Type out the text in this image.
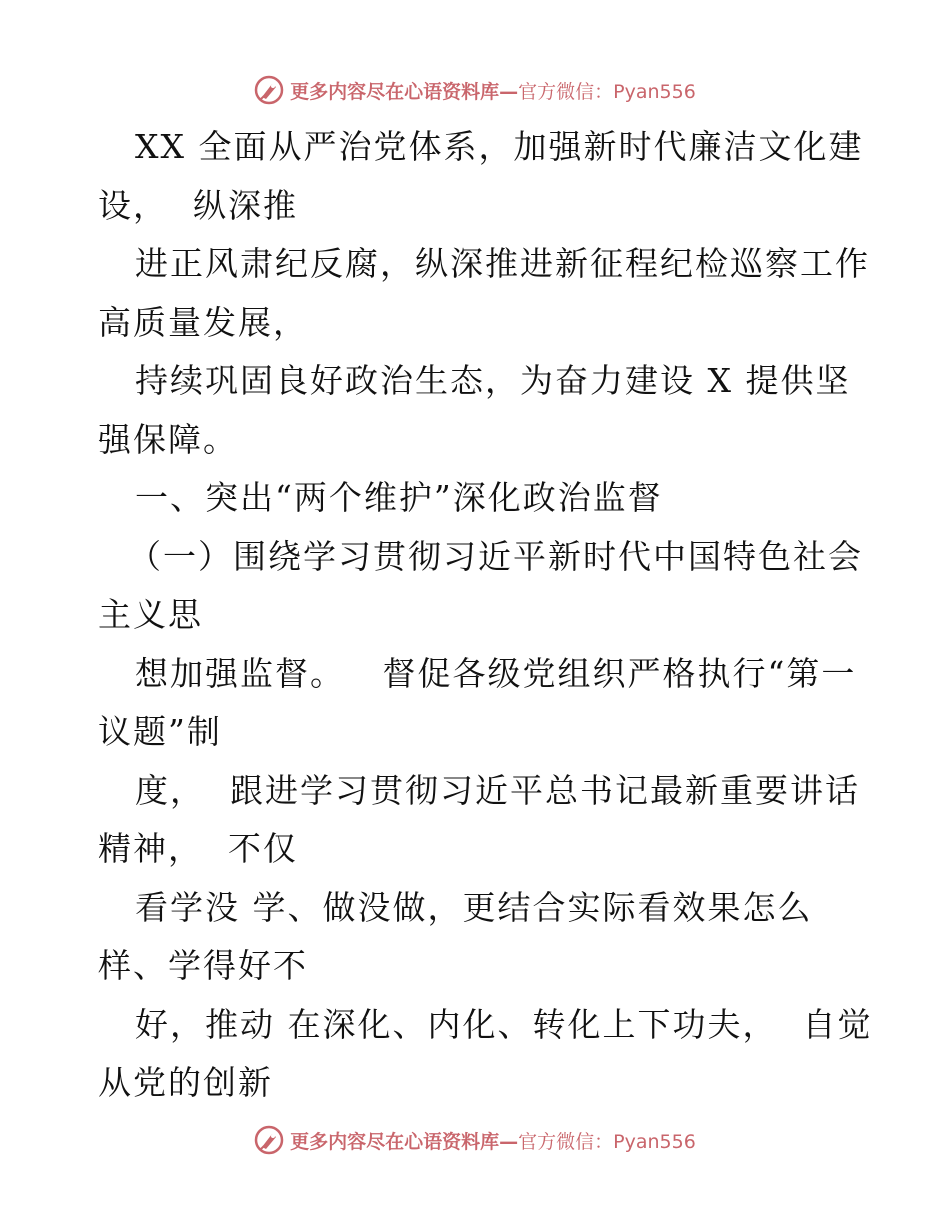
更多内容尽在心语资料库—官方微信：Pyan556
XX 全面从严治党体系，加强新时代廉洁文化建
设，  纵深推
进正风肃纪反腐，纵深推进新征程纪检巡察工作
高质量发展，
持续巩固良好政治生态，为奋力建设 X 提供坚
强保障。
一、突出“两个维护”深化政治监督
（一）围绕学习贯彻习近平新时代中国特色社会
主义思
想加强监督。   督促各级党组织严格执行“第一
议题”制
度，  跟进学习贯彻习近平总书记最新重要讲话
精神，  不仅
看学没 学、做没做，更结合实际看效果怎么
样、学得好不
好，推动 在深化、内化、转化上下功夫，  自觉
从党的创新
更多内容尽在心语资料库—官方微信：Pyan556
